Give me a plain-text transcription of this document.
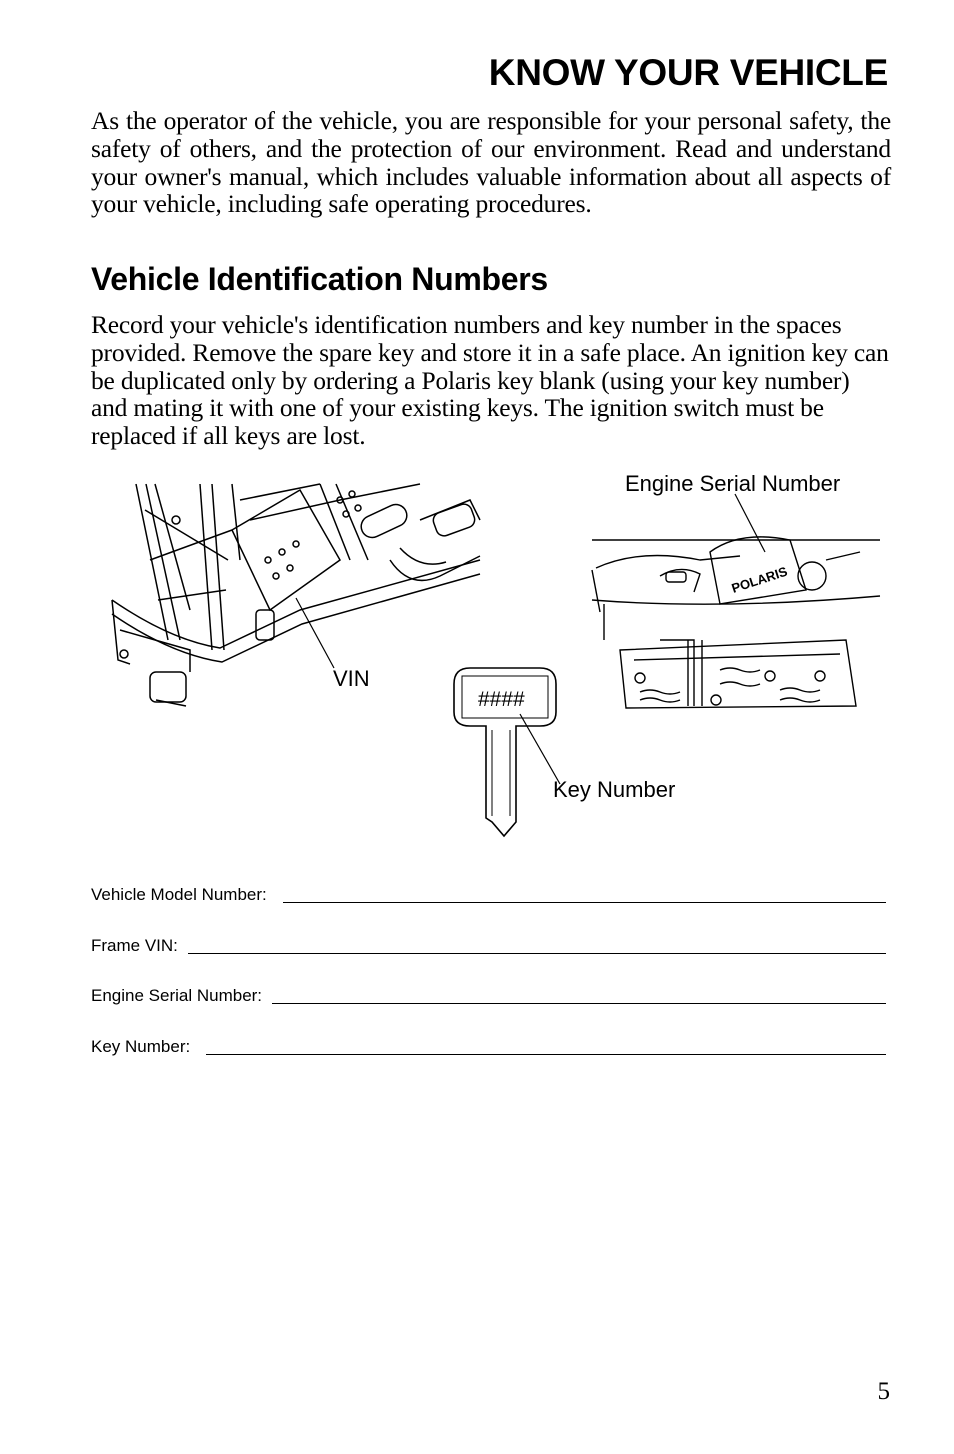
KNOW YOUR VEHICLE

As the operator of the vehicle, you are responsible for your personal safety, the safety of others, and the protection of our environment. Read and understand your owner's manual, which includes valuable information about all aspects of your vehicle, including safe operating procedures.

Vehicle Identification Numbers

Record your vehicle's identification numbers and key number in the spaces provided. Remove the spare key and store it in a safe place. An ignition key can be duplicated only by ordering a Polaris key blank (using your key number) and mating it with one of your existing keys. The ignition switch must be replaced if all keys are lost.

POLARIS
Engine Serial Number
VIN
####
Key Number
Vehicle Model Number:
Frame VIN:
Engine Serial Number:
Key Number:
5
